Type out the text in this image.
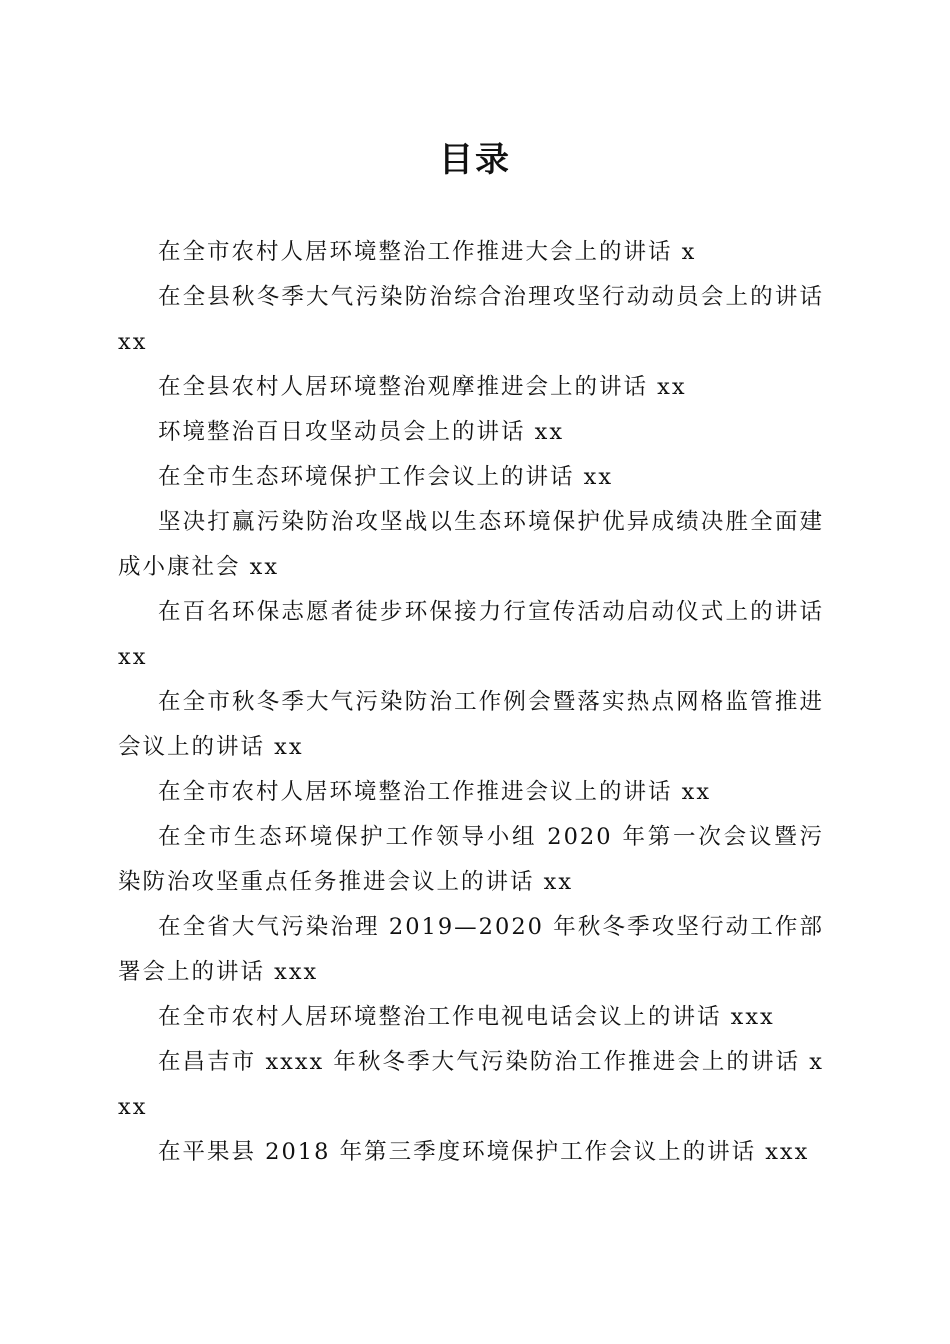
目录
在全市农村人居环境整治工作推进大会上的讲话 x
在全县秋冬季大气污染防治综合治理攻坚行动动员会上的讲话 xx
在全县农村人居环境整治观摩推进会上的讲话 xx
环境整治百日攻坚动员会上的讲话 xx
在全市生态环境保护工作会议上的讲话 xx
坚决打赢污染防治攻坚战以生态环境保护优异成绩决胜全面建成小康社会 xx
在百名环保志愿者徒步环保接力行宣传活动启动仪式上的讲话 xx
在全市秋冬季大气污染防治工作例会暨落实热点网格监管推进会议上的讲话 xx
在全市农村人居环境整治工作推进会议上的讲话 xx
在全市生态环境保护工作领导小组 2020 年第一次会议暨污染防治攻坚重点任务推进会议上的讲话 xx
在全省大气污染治理 2019—2020 年秋冬季攻坚行动工作部署会上的讲话 xxx
在全市农村人居环境整治工作电视电话会议上的讲话 xxx
在昌吉市 xxxx 年秋冬季大气污染防治工作推进会上的讲话 xxx
在平果县 2018 年第三季度环境保护工作会议上的讲话 xxx
